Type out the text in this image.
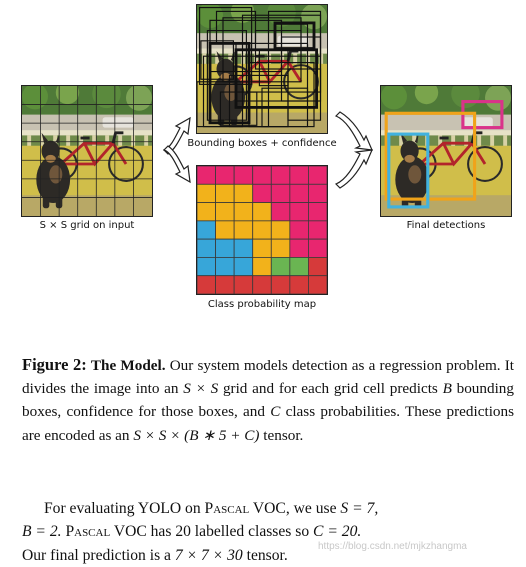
S × S grid on input
Bounding boxes + confidence
Class probability map
Final detections
Figure 2: The Model. Our system models detection as a regression problem. It divides the image into an S × S grid and for each grid cell predicts B bounding boxes, confidence for those boxes, and C class probabilities. These predictions are encoded as an S × S × (B ∗ 5 + C) tensor.
For evaluating YOLO on Pascal VOC, we use S = 7,
B = 2. Pascal VOC has 20 labelled classes so C = 20.
Our final prediction is a 7 × 7 × 30 tensor.
https://blog.csdn.net/mjkzhangma
